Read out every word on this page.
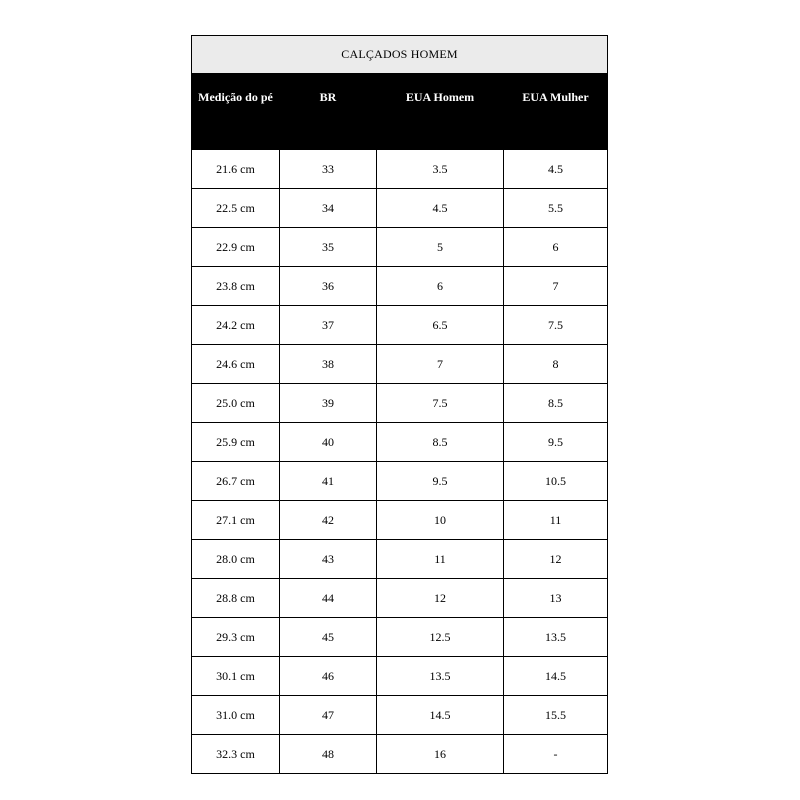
CALÇADOS HOMEM			
Medição do pé	BR	EUA Homem	EUA Mulher
21.6 cm	33	3.5	4.5
22.5 cm	34	4.5	5.5
22.9 cm	35	5	6
23.8 cm	36	6	7
24.2 cm	37	6.5	7.5
24.6 cm	38	7	8
25.0 cm	39	7.5	8.5
25.9 cm	40	8.5	9.5
26.7 cm	41	9.5	10.5
27.1 cm	42	10	11
28.0 cm	43	11	12
28.8 cm	44	12	13
29.3 cm	45	12.5	13.5
30.1 cm	46	13.5	14.5
31.0 cm	47	14.5	15.5
32.3 cm	48	16	-
